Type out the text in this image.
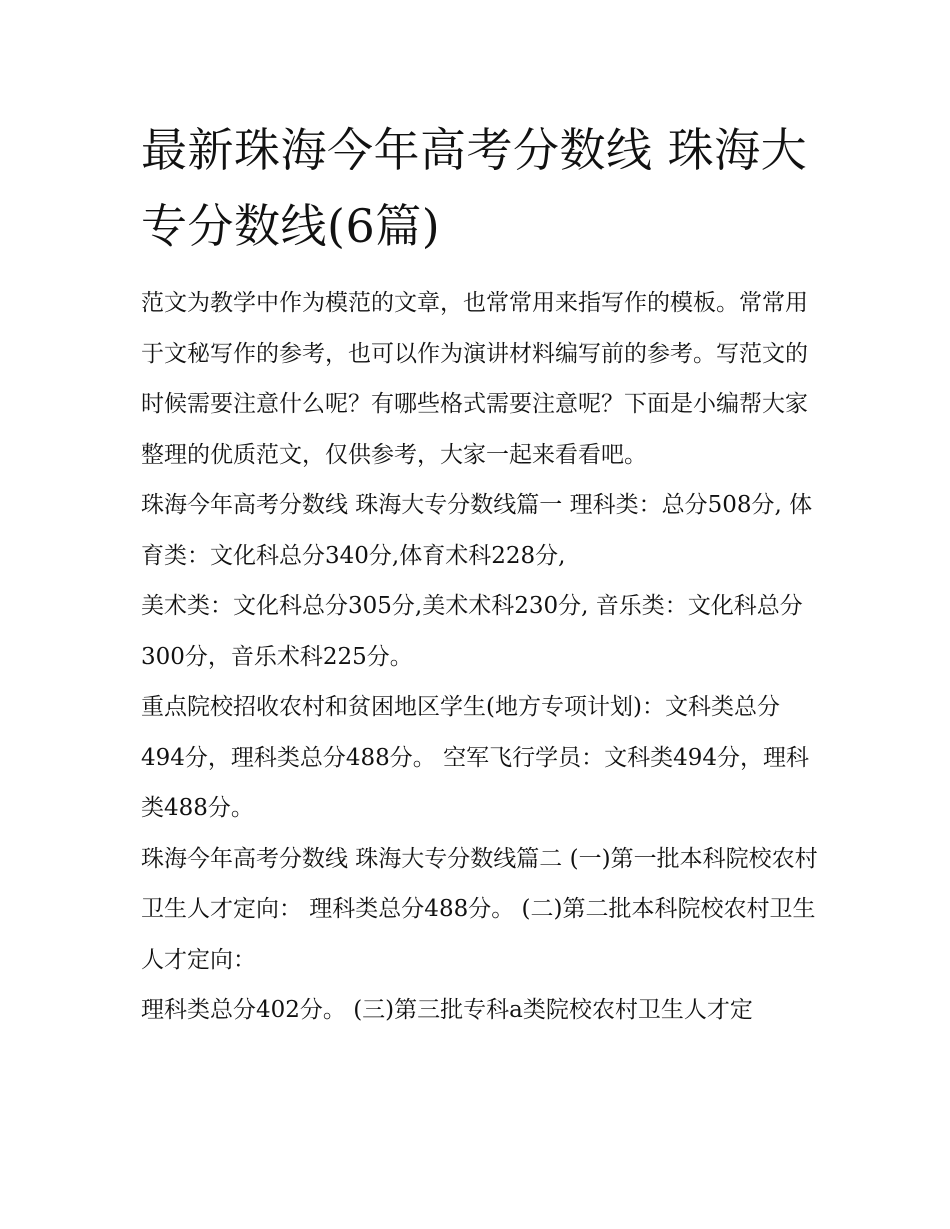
最新珠海今年高考分数线 珠海大专分数线(6篇)

范文为教学中作为模范的文章，也常常用来指写作的模板。常常用于文秘写作的参考，也可以作为演讲材料编写前的参考。写范文的时候需要注意什么呢？有哪些格式需要注意呢？下面是小编帮大家整理的优质范文，仅供参考，大家一起来看看吧。

珠海今年高考分数线 珠海大专分数线篇一 理科类：总分508分, 体育类：文化科总分340分,体育术科228分,

美术类：文化科总分305分,美术术科230分, 音乐类：文化科总分300分，音乐术科225分。

重点院校招收农村和贫困地区学生(地方专项计划)：文科类总分494分，理科类总分488分。 空军飞行学员：文科类494分，理科类488分。

珠海今年高考分数线 珠海大专分数线篇二 (一)第一批本科院校农村卫生人才定向： 理科类总分488分。 (二)第二批本科院校农村卫生人才定向：

理科类总分402分。 (三)第三批专科a类院校农村卫生人才定
